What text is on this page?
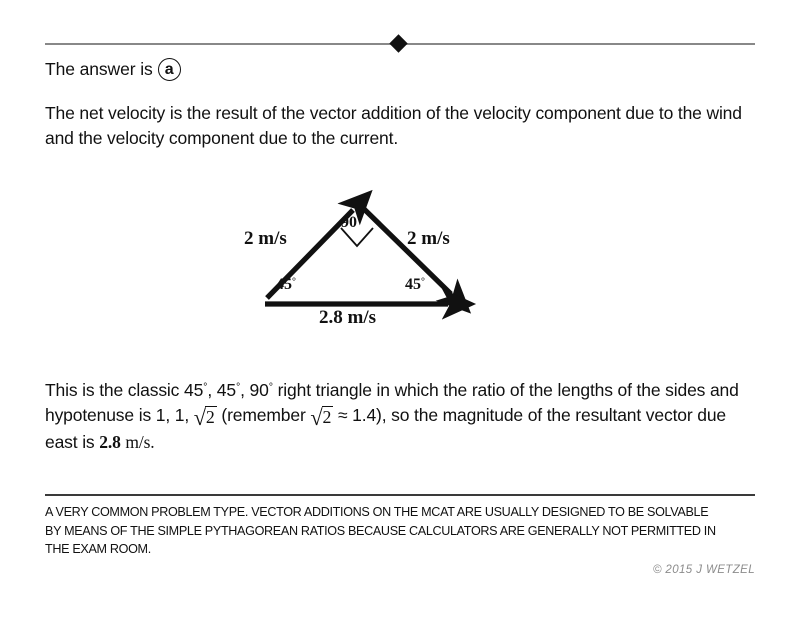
The answer is a
The net velocity is the result of the vector addition of the velocity component due to the wind and the velocity component due to the current.
2 m/s	2 m/s
2.8 m/s
45°	45°
90°
This is the classic 45°, 45°, 90° right triangle in which the ratio of the lengths of the sides and hypotenuse is 1, 1, √2 (remember √2 ≈ 1.4), so the magnitude of the resultant vector due east is 2.8 m/s.
A VERY COMMON PROBLEM TYPE. VECTOR ADDITIONS ON THE MCAT ARE USUALLY DESIGNED TO BE SOLVABLE BY MEANS OF THE SIMPLE PYTHAGOREAN RATIOS BECAUSE CALCULATORS ARE GENERALLY NOT PERMITTED IN THE EXAM ROOM.
© 2015 J WETZEL
